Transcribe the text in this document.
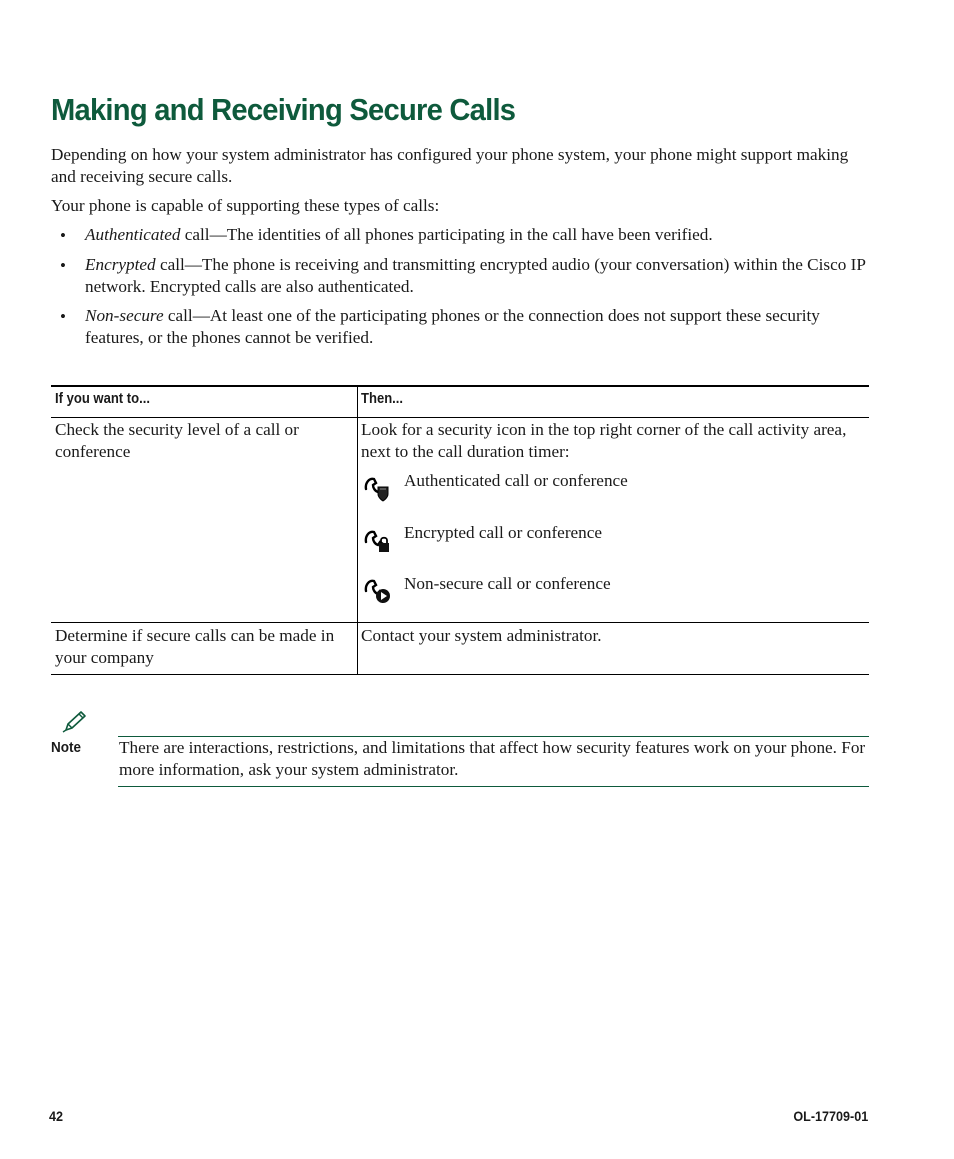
Making and Receiving Secure Calls

Depending on how your system administrator has configured your phone system, your phone might support making and receiving secure calls.

Your phone is capable of supporting these types of calls:

• Authenticated call—The identities of all phones participating in the call have been verified.

• Encrypted call—The phone is receiving and transmitting encrypted audio (your conversation) within the Cisco IP network. Encrypted calls are also authenticated.

• Non-secure call—At least one of the participating phones or the connection does not support these security features, or the phones cannot be verified.

If you want to...	Then...

Check the security level of a call or conference

Look for a security icon in the top right corner of the call activity area, next to the call duration timer:

Authenticated call or conference
Encrypted call or conference
Non-secure call or conference

Determine if secure calls can be made in your company

Contact your system administrator.

Note There are interactions, restrictions, and limitations that affect how security features work on your phone. For more information, ask your system administrator.

42	OL-17709-01
